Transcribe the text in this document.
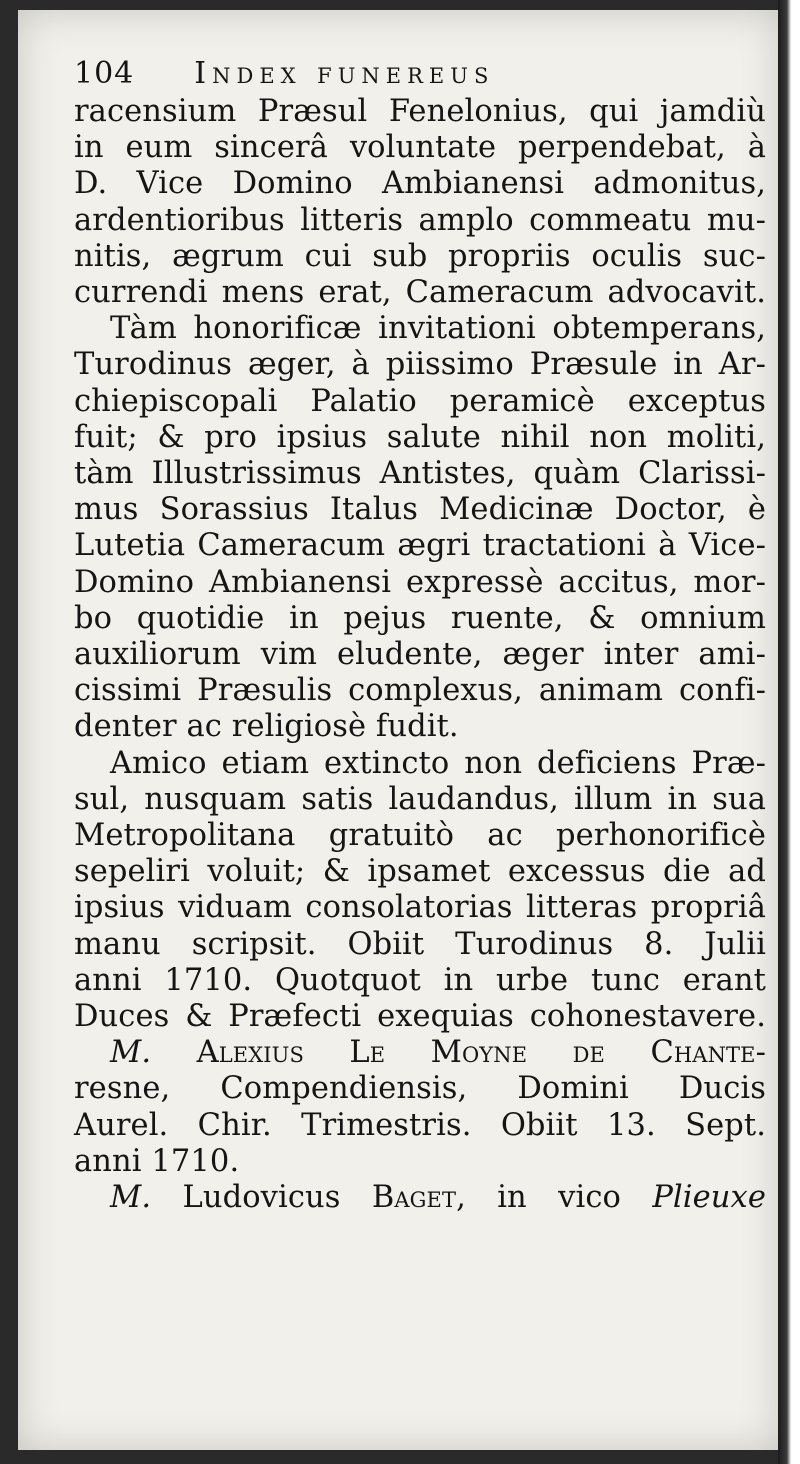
104 Index funereus
racensium Præsul Fenelonius, qui jamdiù
in eum sincerâ voluntate perpendebat, à
D. Vice Domino Ambianensi admonitus,
ardentioribus litteris amplo commeatu mu-
nitis, ægrum cui sub propriis oculis suc-
currendi mens erat, Cameracum advocavit.
Tàm honorificæ invitationi obtemperans,
Turodinus æger, à piissimo Præsule in Ar-
chiepiscopali Palatio peramicè exceptus
fuit; & pro ipsius salute nihil non moliti,
tàm Illustrissimus Antistes, quàm Clarissi-
mus Sorassius Italus Medicinæ Doctor, è
Lutetia Cameracum ægri tractationi à Vice-
Domino Ambianensi expressè accitus, mor-
bo quotidie in pejus ruente, & omnium
auxiliorum vim eludente, æger inter ami-
cissimi Præsulis complexus, animam confi-
denter ac religiosè fudit.
Amico etiam extincto non deficiens Præ-
sul, nusquam satis laudandus, illum in sua
Metropolitana gratuitò ac perhonorificè
sepeliri voluit; & ipsamet excessus die ad
ipsius viduam consolatorias litteras propriâ
manu scripsit. Obiit Turodinus 8. Julii
anni 1710. Quotquot in urbe tunc erant
Duces & Præfecti exequias cohonestavere.
M. Alexius Le Moyne de Chante-
resne, Compendiensis, Domini Ducis
Aurel. Chir. Trimestris. Obiit 13. Sept.
anni 1710.
M. Ludovicus Baget, in vico Plieuxe
